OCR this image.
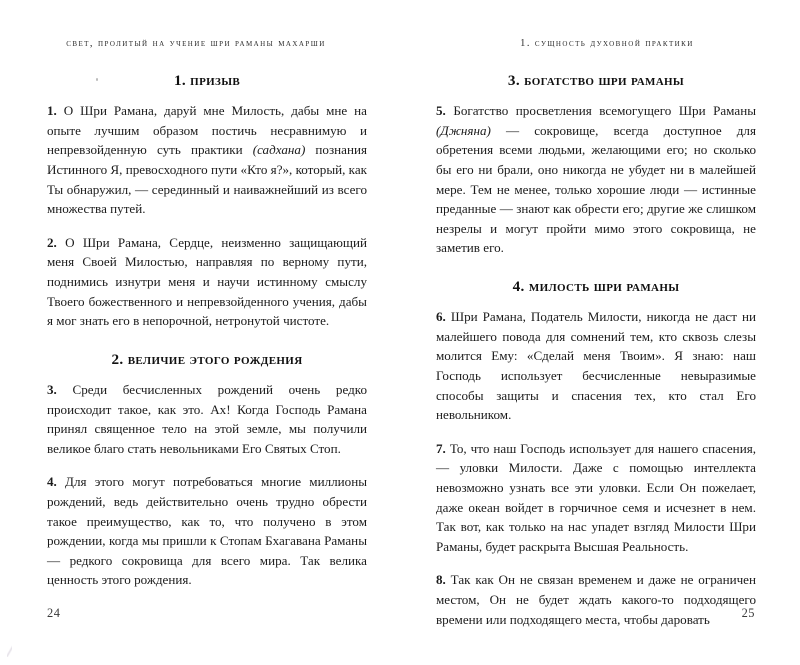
свет, пролитый на учение шри раманы махарши
1. призыв

1. О Шри Рамана, даруй мне Милость, дабы мне на опыте лучшим образом постичь несравнимую и непревзойденную суть практики (садхана) познания Истинного Я, превосходного пути «Кто я?», который, как Ты обнаружил, — серединный и наиважнейший из всего множества путей.

2. О Шри Рамана, Сердце, неизменно защищающий меня Своей Милостью, направляя по верному пути, поднимись изнутри меня и научи истинному смыслу Твоего божественного и непревзойденного учения, дабы я мог знать его в непорочной, нетронутой чистоте.

2. величие этого рождения

3. Среди бесчисленных рождений очень редко происходит такое, как это. Ах! Когда Господь Рамана принял священное тело на этой земле, мы получили великое благо стать невольниками Его Святых Стоп.

4. Для этого могут потребоваться многие миллионы рождений, ведь действительно очень трудно обрести такое преимущество, как то, что получено в этом рождении, когда мы пришли к Стопам Бхагавана Раманы — редкого сокровища для всего мира. Так велика ценность этого рождения.

24
1. сущность духовной практики
3. богатство шри раманы

5. Богатство просветления всемогущего Шри Раманы (Джняна) — сокровище, всегда доступное для обретения всеми людьми, желающими его; но сколько бы его ни брали, оно никогда не убудет ни в малейшей мере. Тем не менее, только хорошие люди — истинные преданные — знают как обрести его; другие же слишком незрелы и могут пройти мимо этого сокровища, не заметив его.

4. милость шри раманы

6. Шри Рамана, Податель Милости, никогда не даст ни малейшего повода для сомнений тем, кто сквозь слезы молится Ему: «Сделай меня Твоим». Я знаю: наш Господь использует бесчисленные невыразимые способы защиты и спасения тех, кто стал Его невольником.

7. То, что наш Господь использует для нашего спасения, — уловки Милости. Даже с помощью интеллекта невозможно узнать все эти уловки. Если Он пожелает, даже океан войдет в горчичное семя и исчезнет в нем. Так вот, как только на нас упадет взгляд Милости Шри Раманы, будет раскрыта Высшая Реальность.

8. Так как Он не связан временем и даже не ограничен местом, Он не будет ждать какого-то подходящего времени или подходящего места, чтобы даровать	25
